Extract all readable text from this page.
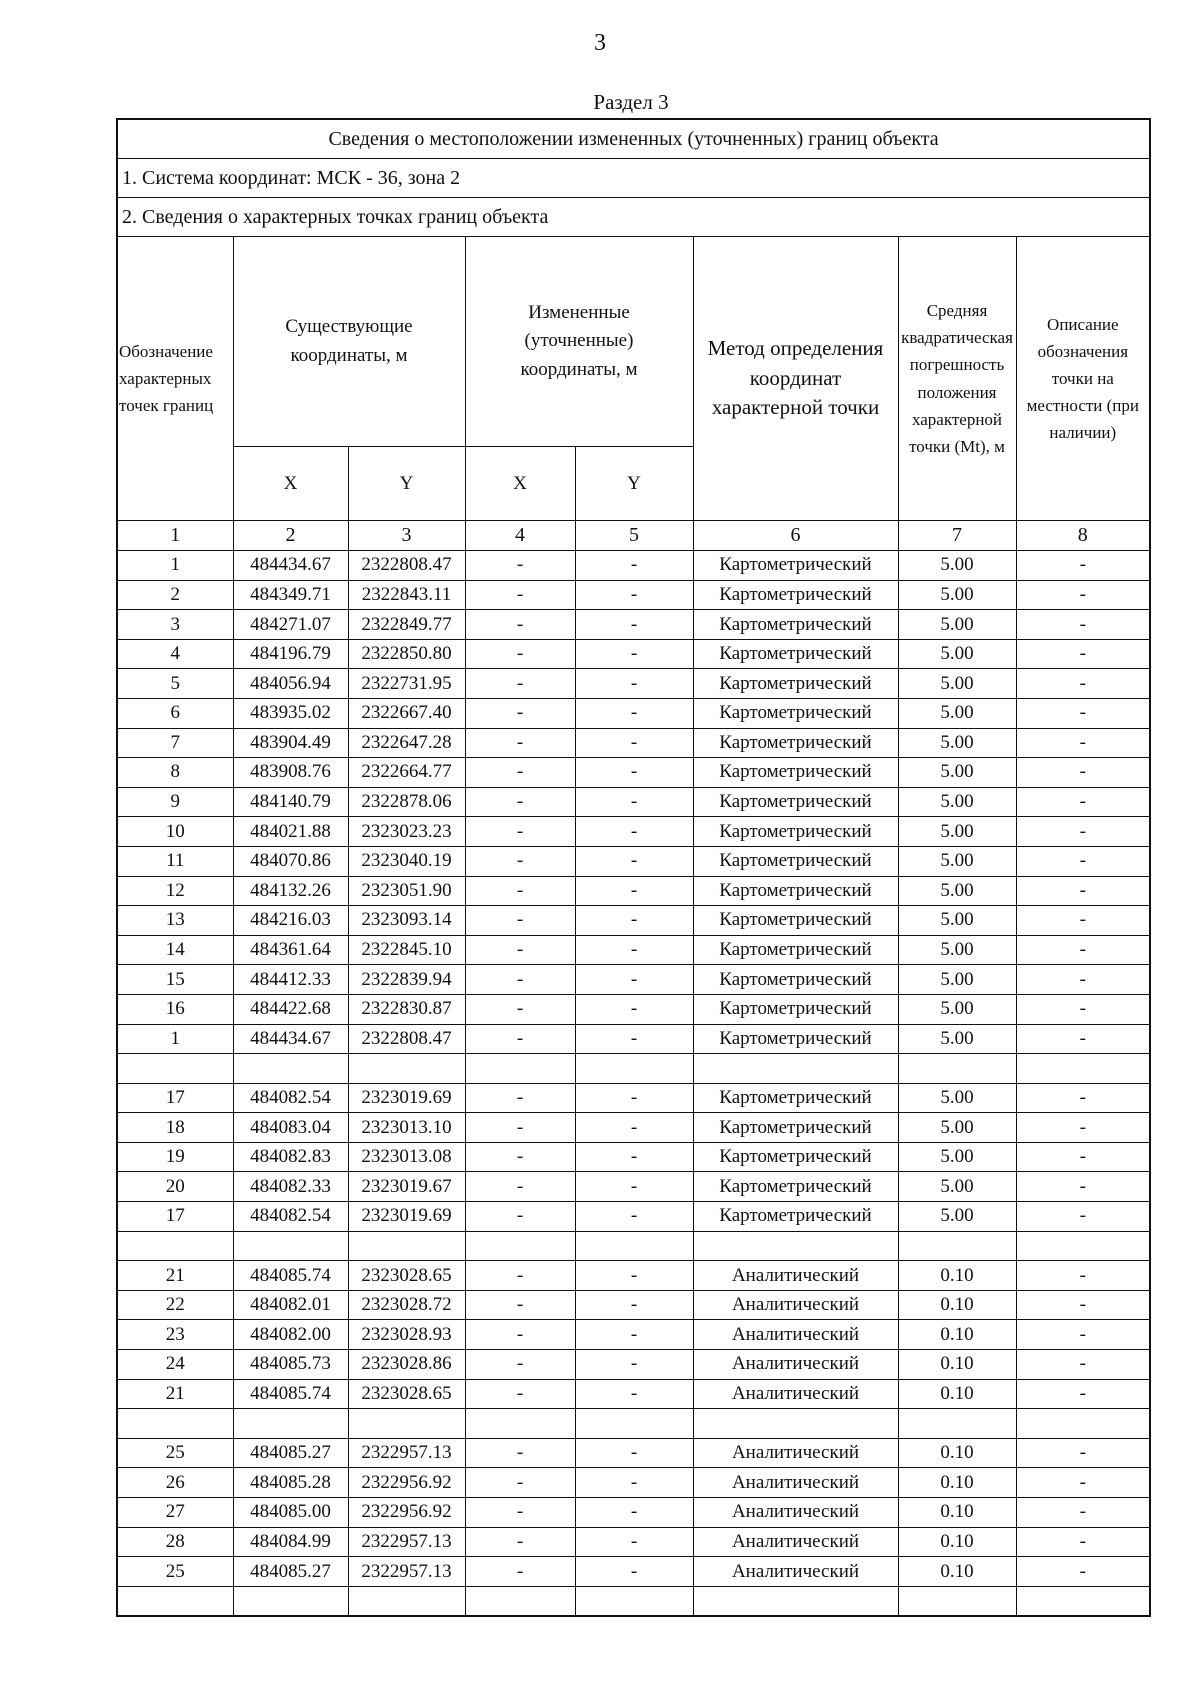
3
Раздел 3
Сведения о местоположении измененных (уточненных) границ объекта							
1. Система координат: МСК - 36, зона 2							
2. Сведения о характерных точках границ объекта							
Обозначение характерных точек границ	Существующие координаты, м		Измененные (уточненные) координаты, м		Метод определения координат характерной точки	Средняя квадратическая погрешность положения характерной точки (Mt), м	Описание обозначения точки на местности (при наличии)
	X	Y	X	Y			
1	2	3	4	5	6	7	8
1	484434.67	2322808.47	-	-	Картометрический	5.00	-
2	484349.71	2322843.11	-	-	Картометрический	5.00	-
3	484271.07	2322849.77	-	-	Картометрический	5.00	-
4	484196.79	2322850.80	-	-	Картометрический	5.00	-
5	484056.94	2322731.95	-	-	Картометрический	5.00	-
6	483935.02	2322667.40	-	-	Картометрический	5.00	-
7	483904.49	2322647.28	-	-	Картометрический	5.00	-
8	483908.76	2322664.77	-	-	Картометрический	5.00	-
9	484140.79	2322878.06	-	-	Картометрический	5.00	-
10	484021.88	2323023.23	-	-	Картометрический	5.00	-
11	484070.86	2323040.19	-	-	Картометрический	5.00	-
12	484132.26	2323051.90	-	-	Картометрический	5.00	-
13	484216.03	2323093.14	-	-	Картометрический	5.00	-
14	484361.64	2322845.10	-	-	Картометрический	5.00	-
15	484412.33	2322839.94	-	-	Картометрический	5.00	-
16	484422.68	2322830.87	-	-	Картометрический	5.00	-
1	484434.67	2322808.47	-	-	Картометрический	5.00	-

17	484082.54	2323019.69	-	-	Картометрический	5.00	-
18	484083.04	2323013.10	-	-	Картометрический	5.00	-
19	484082.83	2323013.08	-	-	Картометрический	5.00	-
20	484082.33	2323019.67	-	-	Картометрический	5.00	-
17	484082.54	2323019.69	-	-	Картометрический	5.00	-

21	484085.74	2323028.65	-	-	Аналитический	0.10	-
22	484082.01	2323028.72	-	-	Аналитический	0.10	-
23	484082.00	2323028.93	-	-	Аналитический	0.10	-
24	484085.73	2323028.86	-	-	Аналитический	0.10	-
21	484085.74	2323028.65	-	-	Аналитический	0.10	-

25	484085.27	2322957.13	-	-	Аналитический	0.10	-
26	484085.28	2322956.92	-	-	Аналитический	0.10	-
27	484085.00	2322956.92	-	-	Аналитический	0.10	-
28	484084.99	2322957.13	-	-	Аналитический	0.10	-
25	484085.27	2322957.13	-	-	Аналитический	0.10	-
